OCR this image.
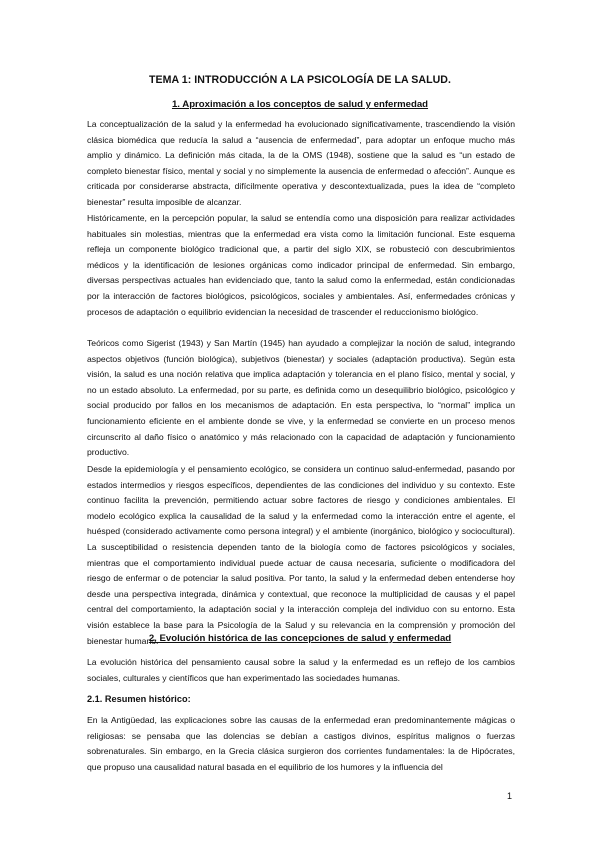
TEMA 1: INTRODUCCIÓN A LA PSICOLOGÍA DE LA SALUD.
1. Aproximación a los conceptos de salud y enfermedad

La conceptualización de la salud y la enfermedad ha evolucionado significativamente, trascendiendo la visión clásica biomédica que reducía la salud a “ausencia de enfermedad”, para adoptar un enfoque mucho más amplio y dinámico. La definición más citada, la de la OMS (1948), sostiene que la salud es “un estado de completo bienestar físico, mental y social y no simplemente la ausencia de enfermedad o afección”. Aunque es criticada por considerarse abstracta, difícilmente operativa y descontextualizada, pues la idea de “completo bienestar” resulta imposible de alcanzar.

Históricamente, en la percepción popular, la salud se entendía como una disposición para realizar actividades habituales sin molestias, mientras que la enfermedad era vista como la limitación funcional. Este esquema refleja un componente biológico tradicional que, a partir del siglo XIX, se robusteció con descubrimientos médicos y la identificación de lesiones orgánicas como indicador principal de enfermedad. Sin embargo, diversas perspectivas actuales han evidenciado que, tanto la salud como la enfermedad, están condicionadas por la interacción de factores biológicos, psicológicos, sociales y ambientales. Así, enfermedades crónicas y procesos de adaptación o equilibrio evidencian la necesidad de trascender el reduccionismo biológico.

Teóricos como Sigerist (1943) y San Martín (1945) han ayudado a complejizar la noción de salud, integrando aspectos objetivos (función biológica), subjetivos (bienestar) y sociales (adaptación productiva). Según esta visión, la salud es una noción relativa que implica adaptación y tolerancia en el plano físico, mental y social, y no un estado absoluto. La enfermedad, por su parte, es definida como un desequilibrio biológico, psicológico y social producido por fallos en los mecanismos de adaptación. En esta perspectiva, lo “normal” implica un funcionamiento eficiente en el ambiente donde se vive, y la enfermedad se convierte en un proceso menos circunscrito al daño físico o anatómico y más relacionado con la capacidad de adaptación y funcionamiento productivo.

Desde la epidemiología y el pensamiento ecológico, se considera un continuo salud-enfermedad, pasando por estados intermedios y riesgos específicos, dependientes de las condiciones del individuo y su contexto. Este continuo facilita la prevención, permitiendo actuar sobre factores de riesgo y condiciones ambientales. El modelo ecológico explica la causalidad de la salud y la enfermedad como la interacción entre el agente, el huésped (considerado activamente como persona integral) y el ambiente (inorgánico, biológico y sociocultural). La susceptibilidad o resistencia dependen tanto de la biología como de factores psicológicos y sociales, mientras que el comportamiento individual puede actuar de causa necesaria, suficiente o modificadora del riesgo de enfermar o de potenciar la salud positiva. Por tanto, la salud y la enfermedad deben entenderse hoy desde una perspectiva integrada, dinámica y contextual, que reconoce la multiplicidad de causas y el papel central del comportamiento, la adaptación social y la interacción compleja del individuo con su entorno. Esta visión establece la base para la Psicología de la Salud y su relevancia en la comprensión y promoción del bienestar humano.

2. Evolución histórica de las concepciones de salud y enfermedad

La evolución histórica del pensamiento causal sobre la salud y la enfermedad es un reflejo de los cambios sociales, culturales y científicos que han experimentado las sociedades humanas.

2.1. Resumen histórico:

En la Antigüedad, las explicaciones sobre las causas de la enfermedad eran predominantemente mágicas o religiosas: se pensaba que las dolencias se debían a castigos divinos, espíritus malignos o fuerzas sobrenaturales. Sin embargo, en la Grecia clásica surgieron dos corrientes fundamentales: la de Hipócrates, que propuso una causalidad natural basada en el equilibrio de los humores y la influencia del

1
